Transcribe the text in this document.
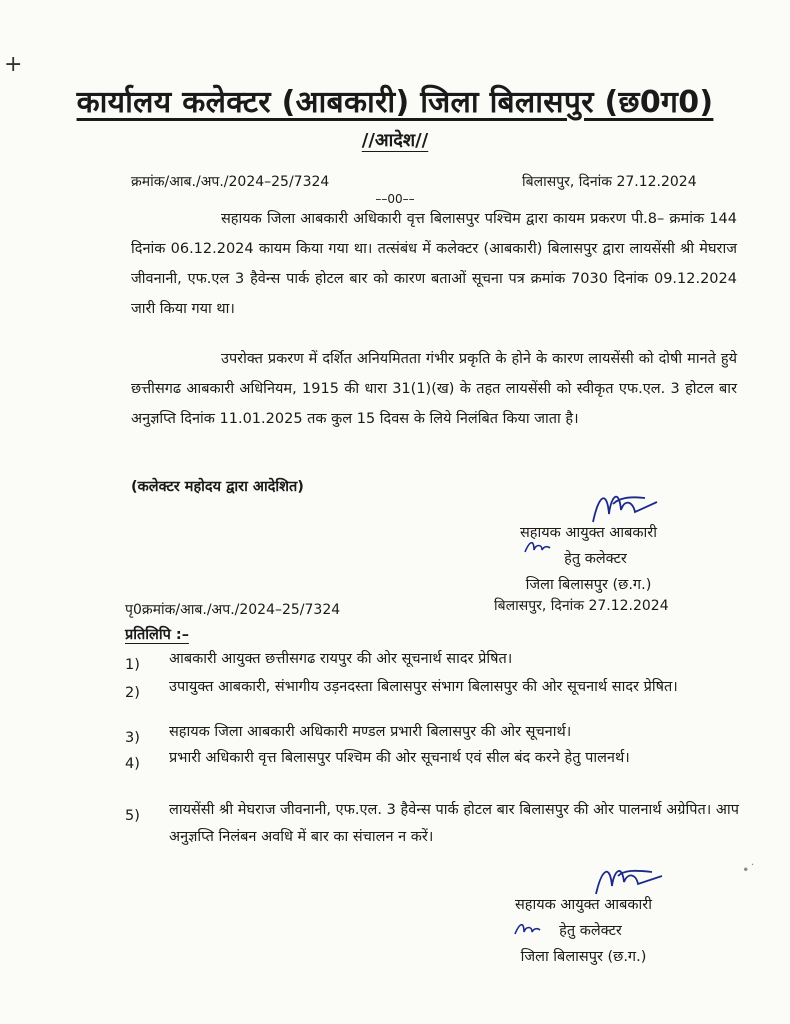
+
कार्यालय कलेक्टर (आबकारी) जिला बिलासपुर (छ0ग0)
//आदेश//
क्रमांक/आब./अप./2024–25/7324	बिलासपुर, दिनांक 27.12.2024
––00––
सहायक जिला आबकारी अधिकारी वृत्त बिलासपुर पश्चिम द्वारा कायम प्रकरण पी.8– क्रमांक 144 दिनांक 06.12.2024 कायम किया गया था। तत्संबंध में कलेक्टर (आबकारी) बिलासपुर द्वारा लायसेंसी श्री मेघराज जीवनानी, एफ.एल 3 हैवेन्स पार्क होटल बार को कारण बताओं सूचना पत्र क्रमांक 7030 दिनांक 09.12.2024 जारी किया गया था।
उपरोक्त प्रकरण में दर्शित अनियमितता गंभीर प्रकृति के होने के कारण लायसेंसी को दोषी मानते हुये छत्तीसगढ आबकारी अधिनियम, 1915 की धारा 31(1)(ख) के तहत लायसेंसी को स्वीकृत एफ.एल. 3 होटल बार अनुज्ञप्ति दिनांक 11.01.2025 तक कुल 15 दिवस के लिये निलंबित किया जाता है।
(कलेक्टर महोदय द्वारा आदेशित)
सहायक आयुक्त आबकारी
हेतु कलेक्टर
जिला बिलासपुर (छ.ग.)
पृ0क्रमांक/आब./अप./2024–25/7324	बिलासपुर, दिनांक 27.12.2024
प्रतिलिपि :–
1) आबकारी आयुक्त छत्तीसगढ रायपुर की ओर सूचनार्थ सादर प्रेषित।
2) उपायुक्त आबकारी, संभागीय उड़नदस्ता बिलासपुर संभाग बिलासपुर की ओर सूचनार्थ सादर प्रेषित।
3) सहायक जिला आबकारी अधिकारी मण्डल प्रभारी बिलासपुर की ओर सूचनार्थ।
4) प्रभारी अधिकारी वृत्त बिलासपुर पश्चिम की ओर सूचनार्थ एवं सील बंद करने हेतु पालनर्थ।
5) लायसेंसी श्री मेघराज जीवनानी, एफ.एल. 3 हैवेन्स पार्क होटल बार बिलासपुर की ओर पालनार्थ अग्रेपित। आप अनुज्ञप्ति निलंबन अवधि में बार का संचालन न करें।
सहायक आयुक्त आबकारी
हेतु कलेक्टर
जिला बिलासपुर (छ.ग.)
∙˙
